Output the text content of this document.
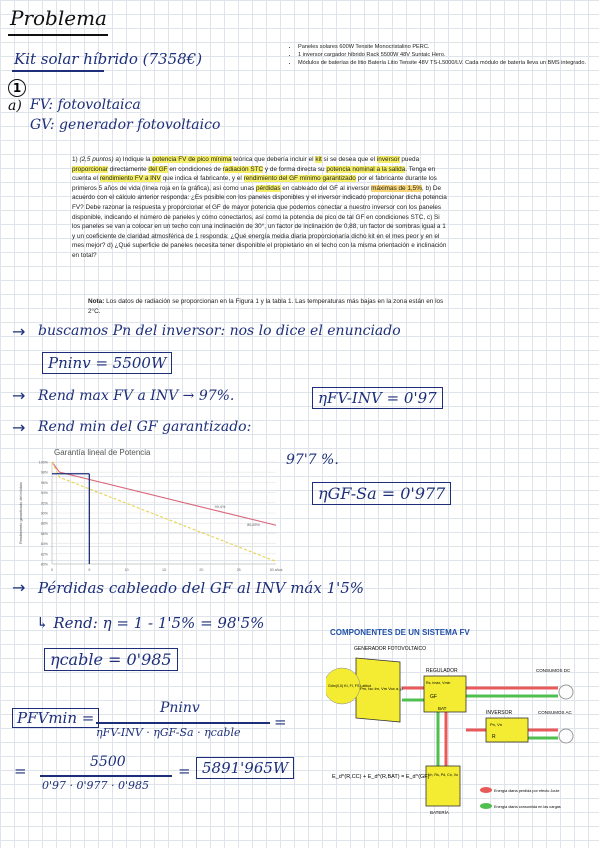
Problema
Kit solar híbrido (7358€)
• Paneles solares 600W Tensite Monocristalino PERC.
• 1 inversor cargador híbrido Rack 5500W 48V Suntaic Hero.
• Módulos de baterías de litio Batería Litio Tensite 48V TS-L5000/LV. Cada módulo de batería lleva un BMS integrado.
1
a) FV: fotovoltaica
GV: generador fotovoltaico
1) (2,5 puntos) a) Indique la potencia FV de pico mínima teórica que debería incluir el kit si se desea que el inversor pueda proporcionar directamente del GF en condiciones de radiación STC y de forma directa su potencia nominal a la salida. Tenga en cuenta el rendimiento FV a INV que indica el fabricante, y el rendimiento del GF mínimo garantizado por el fabricante durante los primeros 5 años de vida (línea roja en la gráfica), así como unas pérdidas en cableado del GF al inversor máximas de 1,5%, b) De acuerdo con el cálculo anterior responda: ¿Es posible con los paneles disponibles y el inversor indicado proporcionar dicha potencia FV? Debe razonar la respuesta y proporcionar el GF de mayor potencia que podemos conectar a nuestro inversor con los paneles disponible, indicando el número de paneles y cómo conectarlos, así como la potencia de pico de tal GF en condiciones STC, c) Si los paneles se van a colocar en un techo con una inclinación de 30°, un factor de inclinación de 0,88, un factor de sombras igual a 1 y un coeficiente de claridad atmosférica de 1 responda: ¿Qué energía media diaria proporcionaría dicho kit en el mes peor y en el mes mejor? d) ¿Qué superficie de paneles necesita tener disponible el propietario en el techo con la misma orientación e inclinación en total?
Nota: Los datos de radiación se proporcionan en la Figura 1 y la tabla 1. Las temperaturas más bajas en la zona están en los 2°C.
→ buscamos Pn del inversor: nos lo dice el enunciado
Pninv = 5500W
→ Rend max FV a INV → 97%.	ηFV-INV = 0'97
→ Rend min del GF garantizado:
Garantía lineal de Potencia
100%
98%
96%
94%
92%
90%
88%
86%
84%
82%
80%
0	5	10	15	20	25	30 años
Rendimiento garantizado del módulo	90,4%
86,85%
97'7 %.
ηGF-Sa = 0'977
→ Pérdidas cableado del GF al INV máx 1'5%
↳ Rend: η = 1 - 1'5% = 98'5%
ηcable = 0'985
PFVmin =
Pninv
ηFV-INV · ηGF-Sa · ηcable
=
=	5500
0'97 · 0'977 · 0'985
= 5891'965W
COMPONENTES DE UN SISTEMA FV
GENERADOR FOTOVOLTAICO
Pm, Isc Im, Vm Voc α, β
Gdm(0,0) Kt, FI, FS Latitud
REGULADOR
Rs, Imax, Vmin
GF
BAT
CONSUMOS DC
INVERSOR
Pn, Vn
R
CONSUMOS AC
Vn, Rs, Pd, Cn, Vo
BATERÍA
E_d^(R,CC) + E_d^(R,BAT) = E_d^(GF)
Energía diaria perdida por efecto Joule
Energía diaria consumida en las cargas
